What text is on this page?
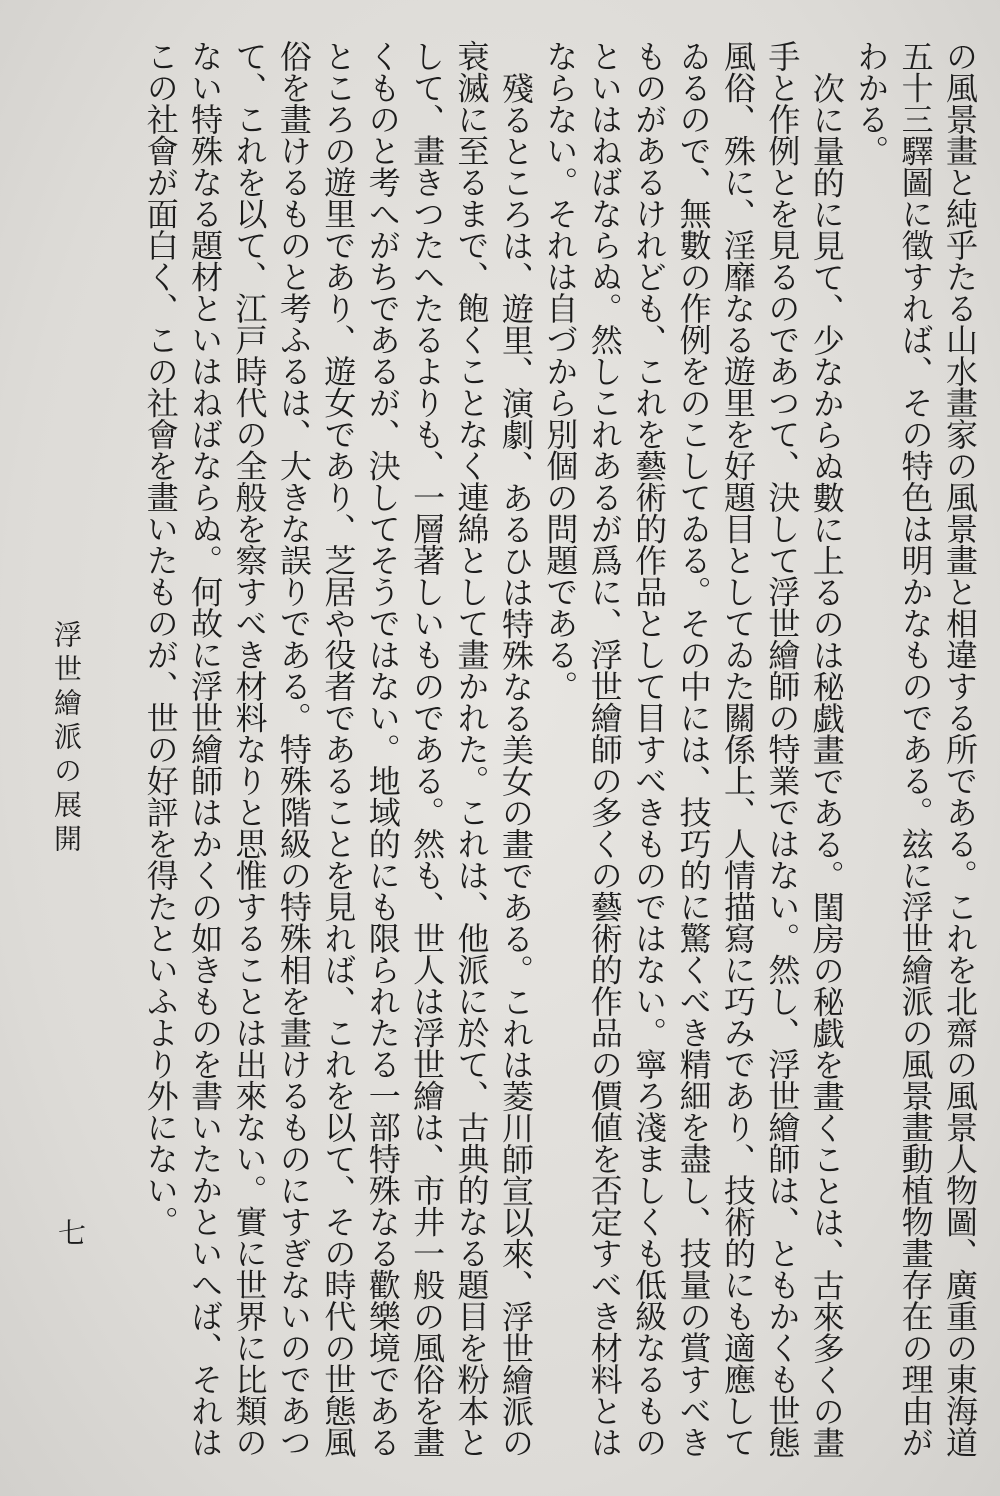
の風景畫と純乎たる山水畫家の風景畫と相違する所である。これを北齋の風景人物圖、廣重の東海道五十三驛圖に徵すれば、その特色は明かなものである。玆に浮世繪派の風景畫動植物畫存在の理由がわかる。

次に量的に見て、少なからぬ數に上るのは秘戯畫である。閨房の秘戯を畫くことは、古來多くの畫手と作例とを見るのであつて、決して浮世繪師の特業ではない。然し、浮世繪師は、ともかくも世態風俗、殊に、淫靡なる遊里を好題目としてゐた關係上、人情描寫に巧みであり、技術的にも適應してゐるので、無數の作例をのこしてゐる。その中には、技巧的に驚くべき精細を盡し、技量の賞すべきものがあるけれども、これを藝術的作品として目すべきものではない。寧ろ淺ましくも低級なるものといはねばならぬ。然しこれあるが爲に、浮世繪師の多くの藝術的作品の價値を否定すべき材料とはならない。それは自づから別個の問題である。

殘るところは、遊里、演劇、あるひは特殊なる美女の畫である。これは菱川師宣以來、浮世繪派の衰滅に至るまで、飽くことなく連綿として畫かれた。これは、他派に於て、古典的なる題目を粉本として、畫きつたへたるよりも、一層著しいものである。然も、世人は浮世繪は、市井一般の風俗を畫くものと考へがちであるが、決してそうではない。地域的にも限られたる一部特殊なる歡樂境であるところの遊里であり、遊女であり、芝居や役者であることを見れば、これを以て、その時代の世態風俗を畫けるものと考ふるは、大きな誤りである。特殊階級の特殊相を畫けるものにすぎないのであつて、これを以て、江戸時代の全般を察すべき材料なりと思惟することは出來ない。實に世界に比類のない特殊なる題材といはねばならぬ。何故に浮世繪師はかくの如きものを書いたかといへば、それはこの社會が面白く、この社會を畫いたものが、世の好評を得たといふより外にない。

浮世繪派の展開
七
